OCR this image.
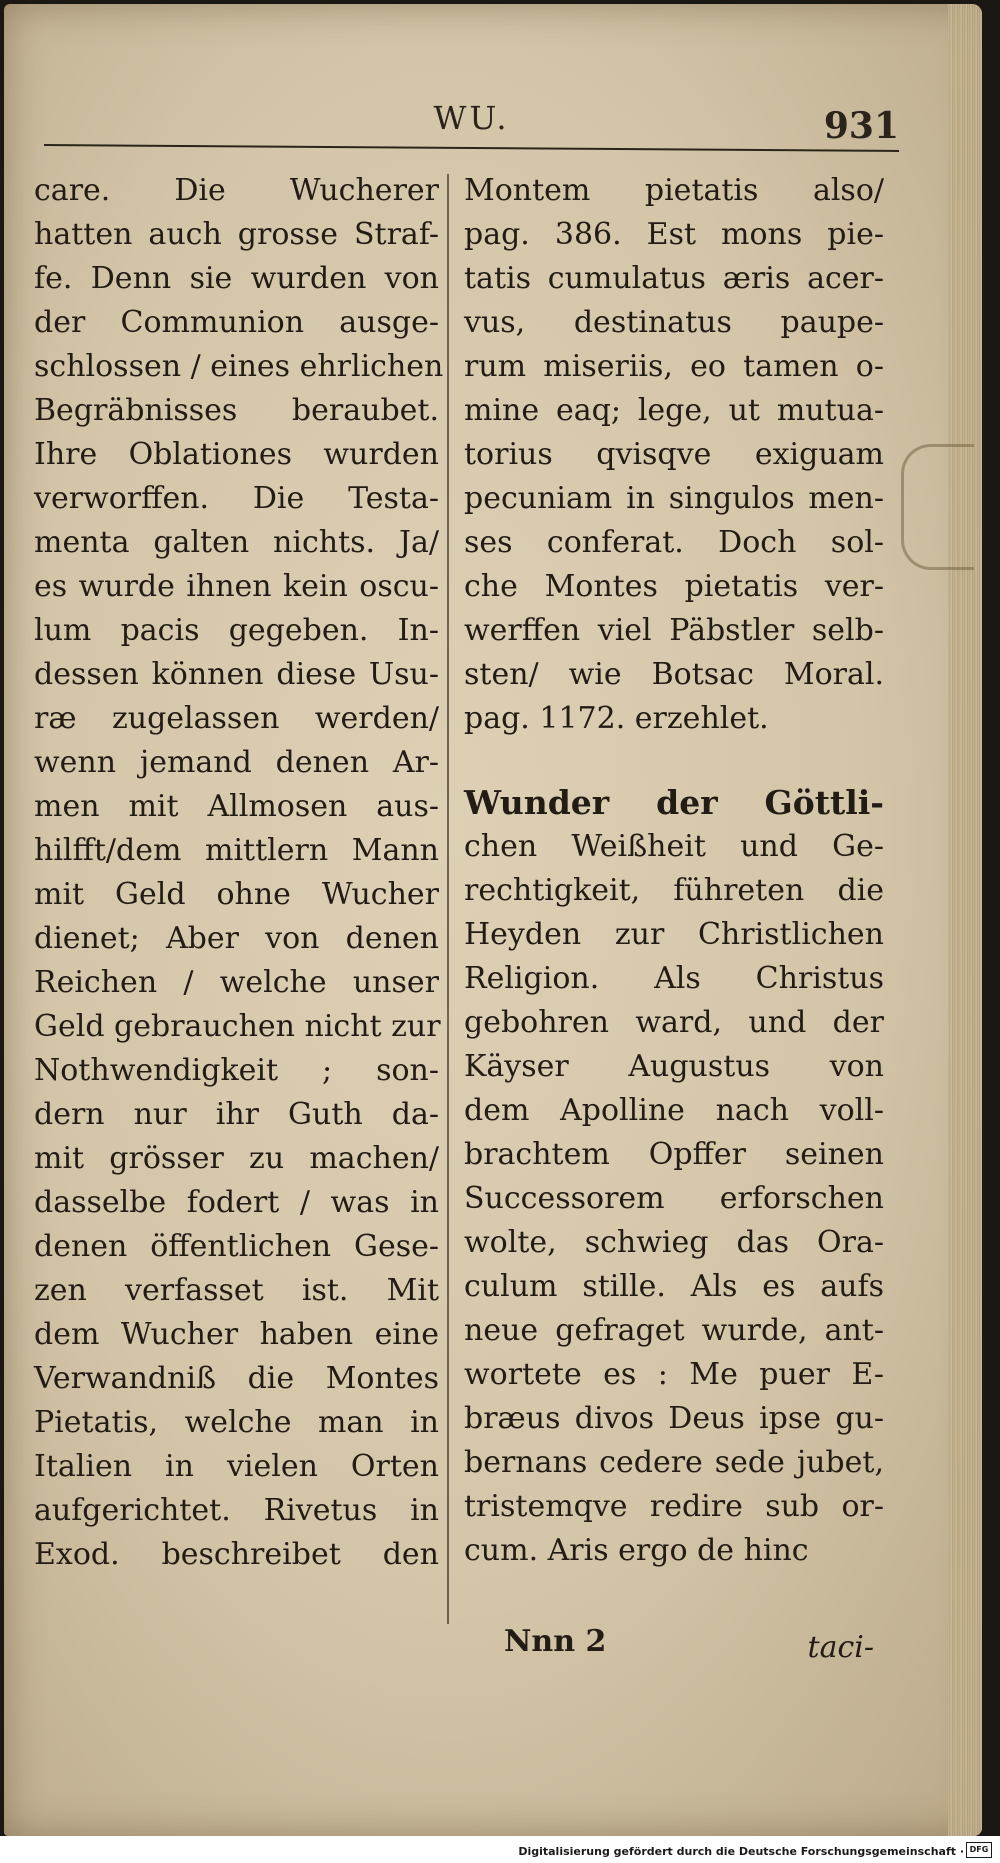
WU.	931
care. Die Wucherer
hatten auch grosse Straf-
fe. Denn sie wurden von
der Communion ausge-
schlossen / eines ehrlichen
Begräbnisses beraubet.
Ihre Oblationes wurden
verworffen. Die Testa-
menta galten nichts. Ja/
es wurde ihnen kein oscu-
lum pacis gegeben. In-
dessen können diese Usu-
ræ zugelassen werden/
wenn jemand denen Ar-
men mit Allmosen aus-
hilfft/dem mittlern Mann
mit Geld ohne Wucher
dienet; Aber von denen
Reichen / welche unser
Geld gebrauchen nicht zur
Nothwendigkeit ; son-
dern nur ihr Guth da-
mit grösser zu machen/
dasselbe fodert / was in
denen öffentlichen Gese-
zen verfasset ist. Mit
dem Wucher haben eine
Verwandniß die Montes
Pietatis, welche man in
Italien in vielen Orten
aufgerichtet. Rivetus in
Exod. beschreibet den
Montem pietatis also/
pag. 386. Est mons pie-
tatis cumulatus æris acer-
vus, destinatus paupe-
rum miseriis, eo tamen o-
mine eaq; lege, ut mutua-
torius qvisqve exiguam
pecuniam in singulos men-
ses conferat. Doch sol-
che Montes pietatis ver-
werffen viel Päbstler selb-
sten/ wie Botsac Moral.
pag. 1172. erzehlet.
Wunder der Göttli-
chen Weißheit und Ge-
rechtigkeit, führeten die
Heyden zur Christlichen
Religion. Als Christus
gebohren ward, und der
Käyser Augustus von
dem Apolline nach voll-
brachtem Opffer seinen
Successorem erforschen
wolte, schwieg das Ora-
culum stille. Als es aufs
neue gefraget wurde, ant-
wortete es : Me puer E-
bræus divos Deus ipse gu-
bernans cedere sede jubet,
tristemqve redire sub or-
cum. Aris ergo de hinc
Nnn 2	taci-
Digitalisierung gefördert durch die Deutsche Forschungsgemeinschaft · DFG
